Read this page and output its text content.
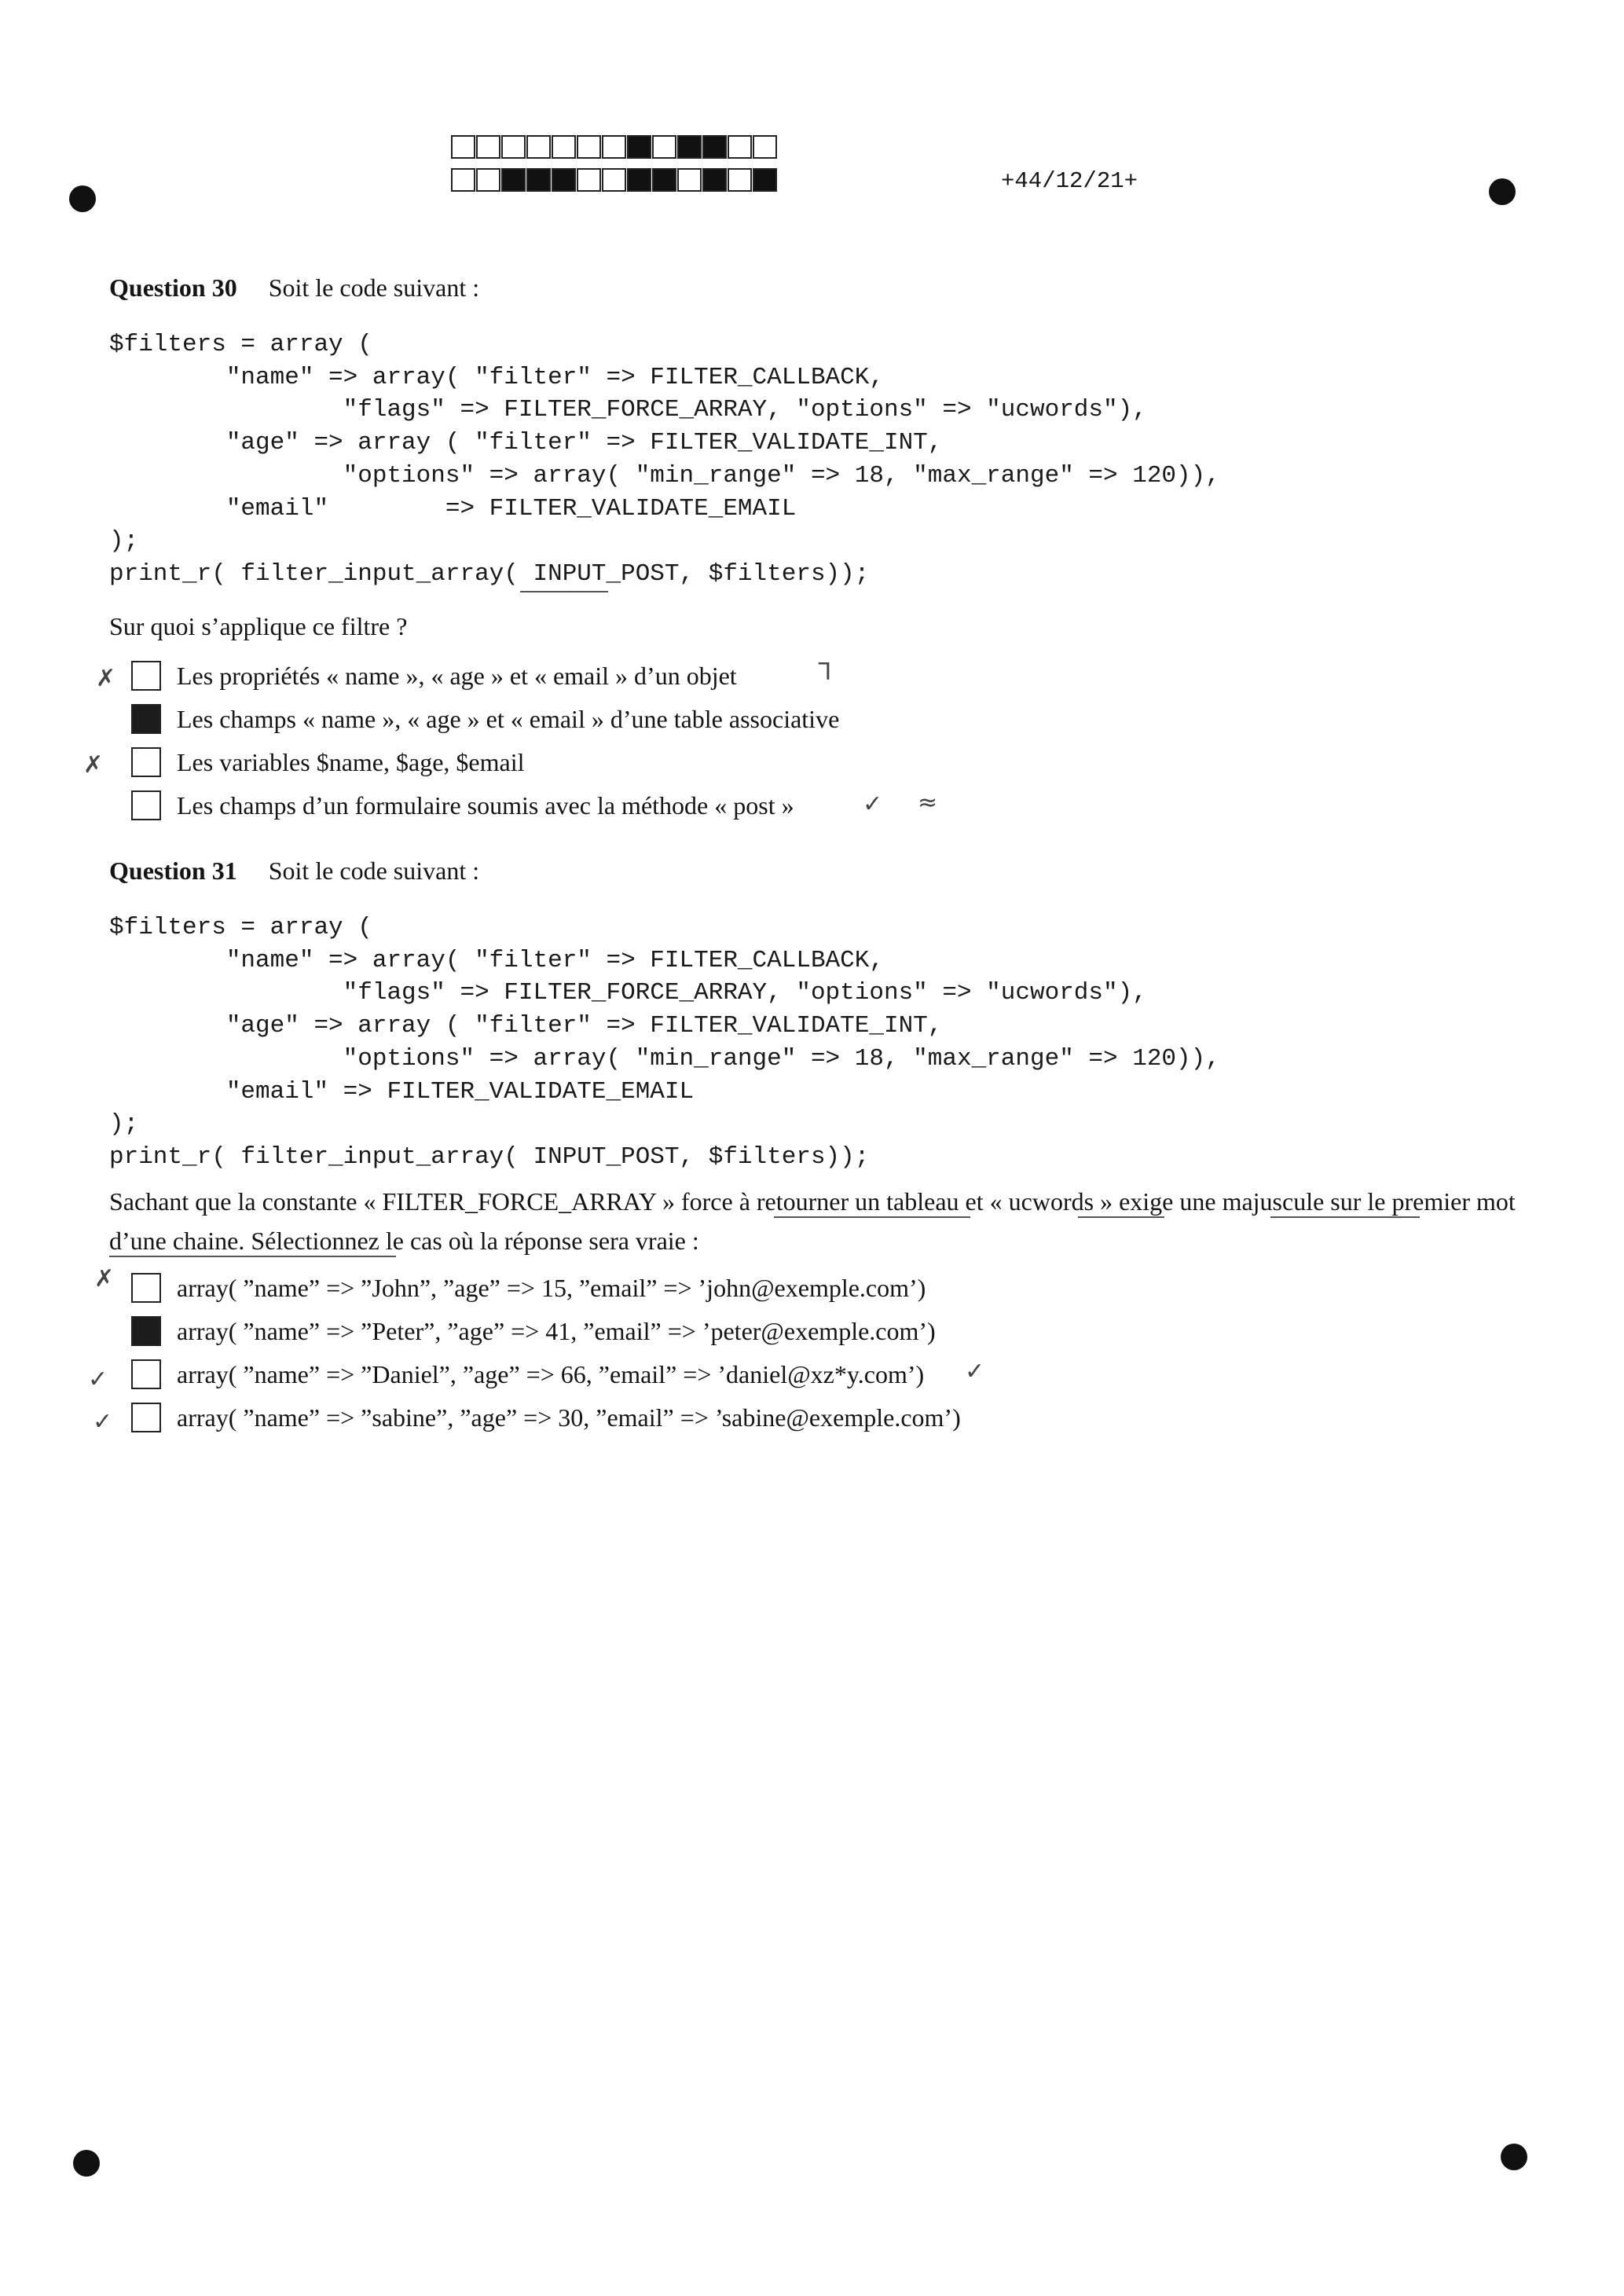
+44/12/21+
Question 30 Soit le code suivant :
$filters = array (
"name" => array( "filter" => FILTER_CALLBACK,
"flags" => FILTER_FORCE_ARRAY, "options" => "ucwords"),
"age" => array ( "filter" => FILTER_VALIDATE_INT,
"options" => array( "min_range" => 18, "max_range" => 120)),
"email"        => FILTER_VALIDATE_EMAIL
);
print_r( filter_input_array( INPUT_POST, $filters));
Sur quoi s’applique ce filtre ?
Les propriétés « name », « age » et « email » d’un objet
Les champs « name », « age » et « email » d’une table associative
Les variables $name, $age, $email
Les champs d’un formulaire soumis avec la méthode « post »
✗
✗
ᒣ
✓ ≈
Question 31 Soit le code suivant :
$filters = array (
"name" => array( "filter" => FILTER_CALLBACK,
"flags" => FILTER_FORCE_ARRAY, "options" => "ucwords"),
"age" => array ( "filter" => FILTER_VALIDATE_INT,
"options" => array( "min_range" => 18, "max_range" => 120)),
"email" => FILTER_VALIDATE_EMAIL
);
print_r( filter_input_array( INPUT_POST, $filters));
Sachant que la constante « FILTER_FORCE_ARRAY » force à retourner un tableau et « ucwords » exige une majuscule sur le premier mot d’une chaine. Sélectionnez le cas où la réponse sera vraie :
array( ”name” => ”John”, ”age” => 15, ”email” => ’john@exemple.com’)
array( ”name” => ”Peter”, ”age” => 41, ”email” => ’peter@exemple.com’)
array( ”name” => ”Daniel”, ”age” => 66, ”email” => ’daniel@xz*y.com’)
array( ”name” => ”sabine”, ”age” => 30, ”email” => ’sabine@exemple.com’)
✗
✓
✓
✓
